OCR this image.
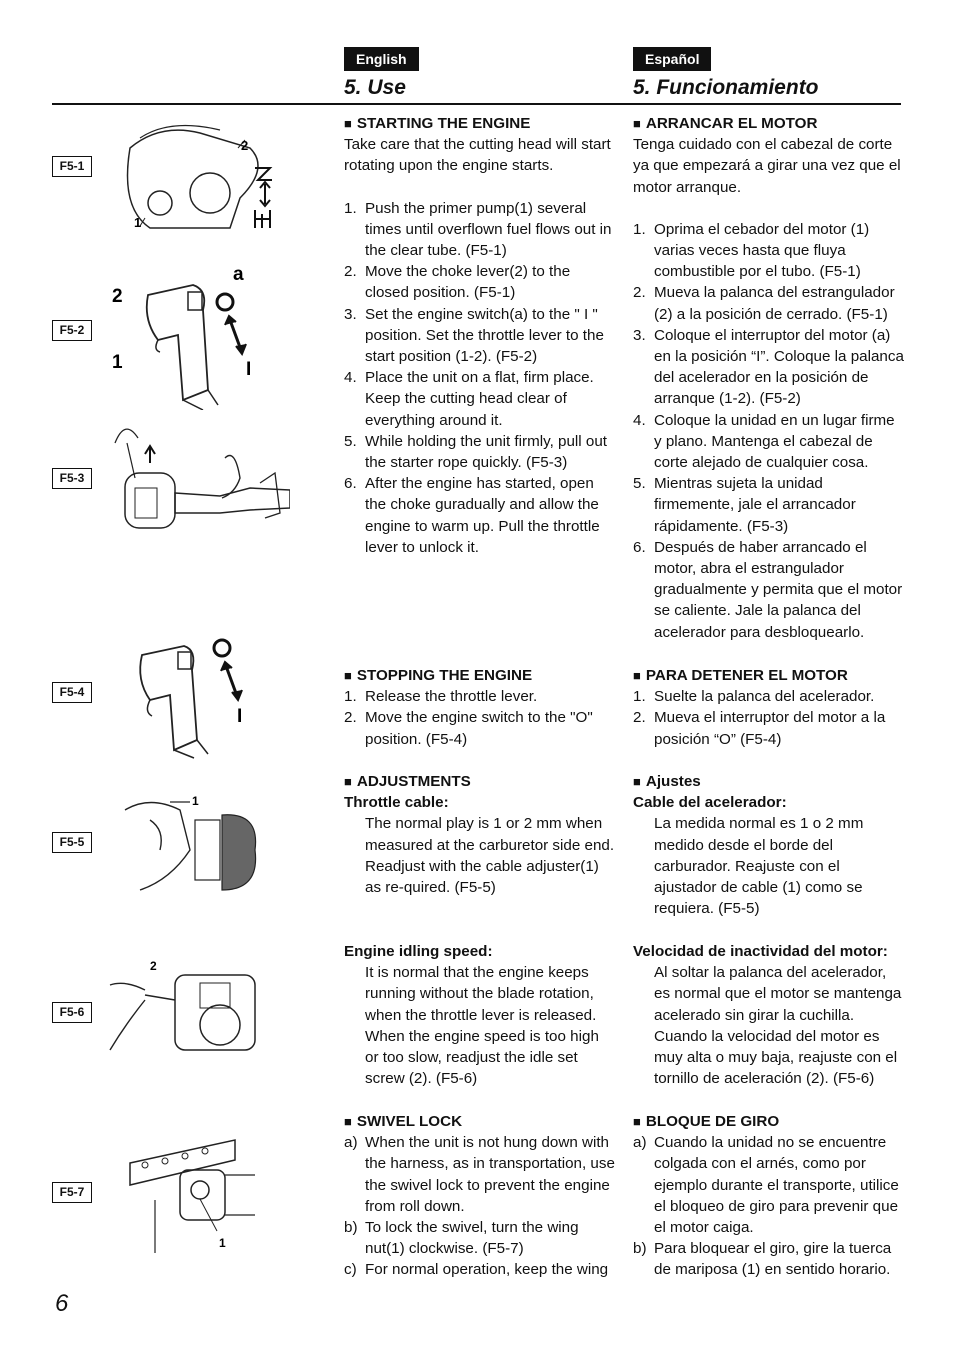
English	Español
5. Use	5. Funcionamiento
F5-1
F5-2
F5-3
F5-4
F5-5
F5-6
F5-7
2
1
a
2
1	I
I
1
2
1

■ STARTING THE ENGINE

Take care that the cutting head will start rotating upon the engine starts.

1. Push the primer pump(1) several times until overflown fuel flows out in the clear tube. (F5-1)
2. Move the choke lever(2) to the closed position. (F5-1)
3. Set the engine switch(a) to the " I " position. Set the throttle lever to the start position (1-2). (F5-2)
4. Place the unit on a flat, firm place. Keep the cutting head clear of everything around it.
5. While holding the unit firmly, pull out the starter rope quickly. (F5-3)
6. After the engine has started, open the choke guradually and allow the engine to warm up. Pull the throttle lever to unlock it.

■ STOPPING THE ENGINE

1. Release the throttle lever.
2. Move the engine switch to the "O" position. (F5-4)

■ ADJUSTMENTS

Throttle cable:

The normal play is 1 or 2 mm when measured at the carburetor side end. Readjust with the cable adjuster(1) as re-quired. (F5-5)

Engine idling speed:

It is normal that the engine keeps running without the blade rotation, when the throttle lever is released. When the engine speed is too high or too slow, readjust the idle set screw (2). (F5-6)

■ SWIVEL LOCK

a) When the unit is not hung down with the harness, as in transportation, use the swivel lock to prevent the engine from roll down.
b) To lock the swivel, turn the wing nut(1) clockwise. (F5-7)
c) For normal operation, keep the wing

■ ARRANCAR EL MOTOR

Tenga cuidado con el cabezal de corte ya que empezará a girar una vez que el motor arranque.

1. Oprima el cebador del motor (1) varias veces hasta que fluya combustible por el tubo. (F5-1)
2. Mueva la palanca del estrangulador (2) a la posición de cerrado. (F5-1)
3. Coloque el interruptor del motor (a) en la posición “I”. Coloque la palanca del acelerador en la posición de arranque (1-2). (F5-2)
4. Coloque la unidad en un lugar firme y plano. Mantenga el cabezal de corte alejado de cualquier cosa.
5. Mientras sujeta la unidad firmemente, jale el arrancador rápidamente. (F5-3)
6. Después de haber arrancado el motor, abra el estrangulador gradualmente y permita que el motor se caliente. Jale la palanca del acelerador para desbloquearlo.

■ PARA DETENER EL MOTOR

1. Suelte la palanca del acelerador.
2. Mueva el interruptor del motor a la posición “O” (F5-4)

■ Ajustes

Cable del acelerador:

La medida normal es 1 o 2 mm medido desde el borde del carburador. Reajuste con el ajustador de cable (1) como se requiera. (F5-5)

Velocidad de inactividad del motor:

Al soltar la palanca del acelerador, es normal que el motor se mantenga acelerado sin girar la cuchilla. Cuando la velocidad del motor es muy alta o muy baja, reajuste con el tornillo de aceleración (2). (F5-6)

■ BLOQUE DE GIRO

a) Cuando la unidad no se encuentre colgada con el arnés, como por ejemplo durante el transporte, utilice el bloqueo de giro para prevenir que el motor caiga.
b) Para bloquear el giro, gire la tuerca de mariposa (1) en sentido horario.
6
